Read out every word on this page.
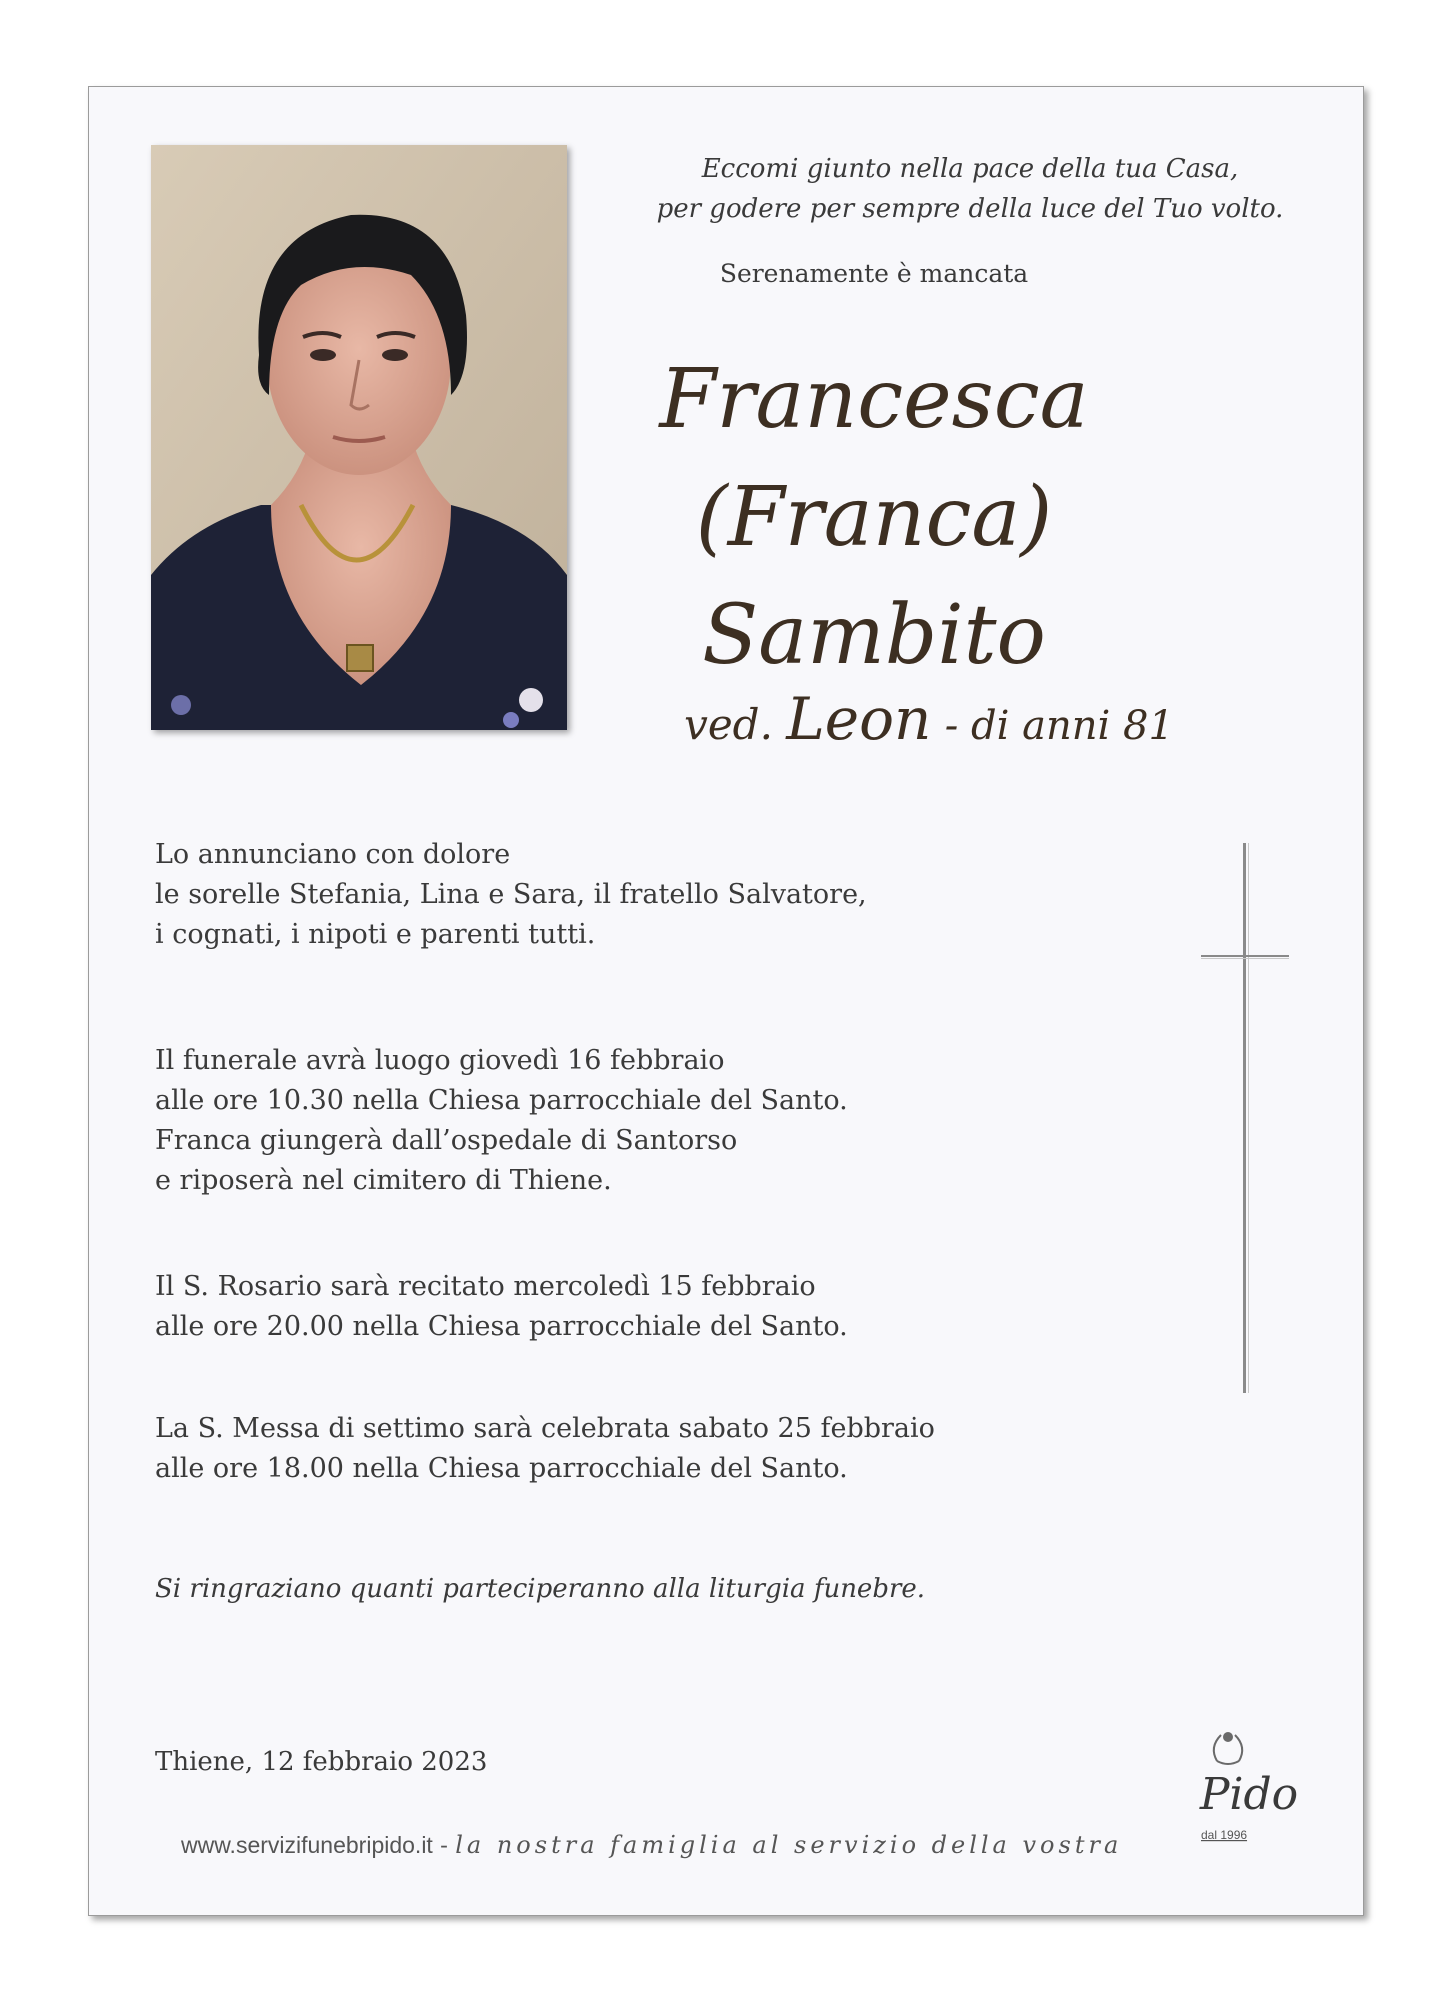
Eccomi giunto nella pace della tua Casa,
per godere per sempre della luce del Tuo volto.
Serenamente è mancata
Francesca
(Franca)
Sambito
ved. Leon - di anni 81
Lo annunciano con dolore
le sorelle Stefania, Lina e Sara, il fratello Salvatore,
i cognati, i nipoti e parenti tutti.
Il funerale avrà luogo giovedì 16 febbraio
alle ore 10.30 nella Chiesa parrocchiale del Santo.
Franca giungerà dall’ospedale di Santorso
e riposerà nel cimitero di Thiene.
Il S. Rosario sarà recitato mercoledì 15 febbraio
alle ore 20.00 nella Chiesa parrocchiale del Santo.
La S. Messa di settimo sarà celebrata sabato 25 febbraio
alle ore 18.00 nella Chiesa parrocchiale del Santo.
Si ringraziano quanti parteciperanno alla liturgia funebre.
Thiene, 12 febbraio 2023
Pido
dal 1996
www.servizifunebripido.it - la nostra famiglia al servizio della vostra
